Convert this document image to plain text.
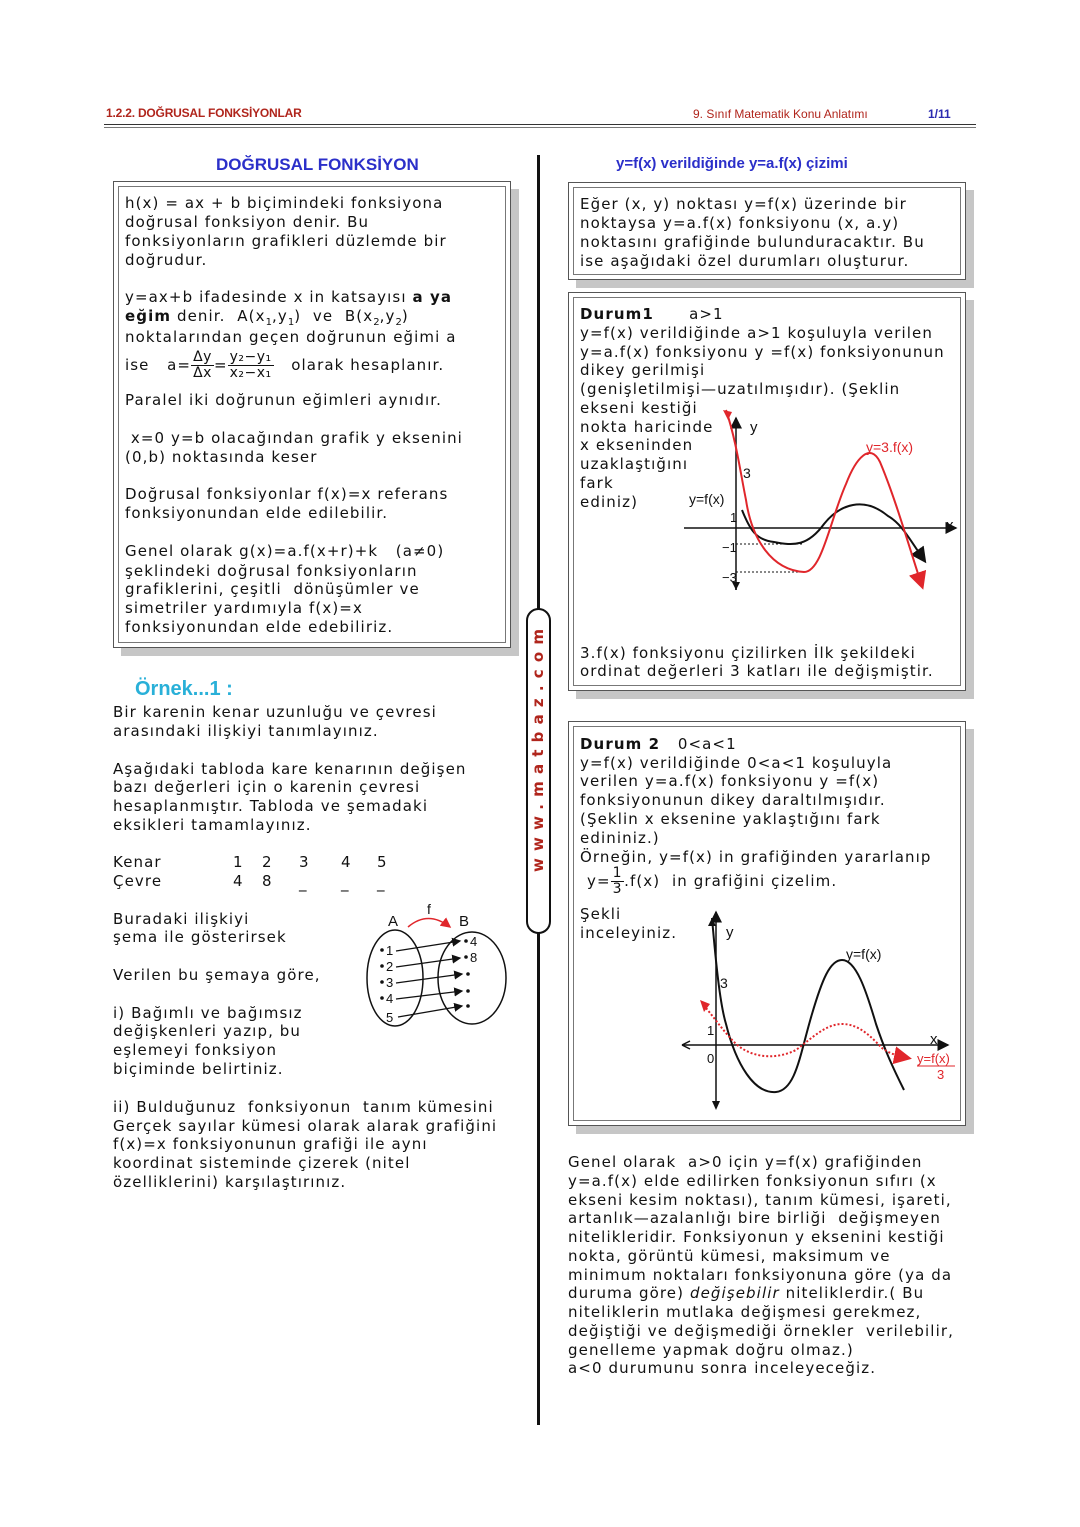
1.2.2. DOĞRUSAL FONKSİYONLAR	9. Sınıf Matematik Konu Anlatımı	1/11
DOĞRUSAL FONKSİYON
h(x) = ax + b biçimindeki fonksiyona
doğrusal fonksiyon denir. Bu
fonksiyonların grafikleri düzlemde bir
doğrudur.
y=ax+b ifadesinde x in katsayısı a ya
eğim denir.  $A(x_1,y_1)$  ve  $B(x_2,y_2)$
noktalarından geçen doğrunun eğimi a
ise   $a= \frac{\Delta y}{\Delta x} = \frac{\text{y₂−y₁}}{\text{x₂−x₁}}$ olarak hesaplanır.
Paralel iki doğrunun eğimleri aynıdır.
x=0 y=b olacağından grafik y eksenini
(0,b) noktasında keser
Doğrusal fonksiyonlar f(x)=x referans
fonksiyonundan elde edilebilir.
Genel olarak g(x)=a.f(x+r)+k   (a≠0)
şeklindeki doğrusal fonksiyonların
grafiklerini, çeşitli  dönüşümler ve
simetriler yardımıyla f(x)=x
fonksiyonundan elde edebiliriz.
Örnek...1 :
Bir karenin kenar uzunluğu ve çevresi
arasındaki ilişkiyi tanımlayınız.
Aşağıdaki tabloda kare kenarının değişen
bazı değerleri için o karenin çevresi
hesaplanmıştır. Tabloda ve şemadaki
eksikleri tamamlayınız.
Kenar	1 2 3 4 5
Çevre	4 8 _ _ _
Buradaki ilişkiyi
şema ile gösterirsek
Verilen bu şemaya göre,
i) Bağımlı ve bağımsız
değişkenleri yazıp, bu
eşlemeyi fonksiyon
biçiminde belirtiniz.
ii) Bulduğunuz  fonksiyonun  tanım kümesini
Gerçek sayılar kümesi olarak alarak grafiğini
f(x)=x fonksiyonunun grafiği ile aynı
koordinat sisteminde çizerek (nitel
özelliklerini) karşılaştırınız.
A	B
f
1
2
3
4
5
4
8
www.matbaz.com
y=f(x) verildiğinde y=a.f(x) çizimi
Eğer (x, y) noktası y=f(x) üzerinde bir
noktaysa y=a.f(x) fonksiyonu (x, a.y)
noktasını grafiğinde bulunduracaktır. Bu
ise aşağıdaki özel durumları oluşturur.
Durum1 a>1
y=f(x) verildiğinde a>1 koşuluyla verilen
y=a.f(x) fonksiyonu y =f(x) fonksiyonunun
dikey gerilmişi
(genişletilmişi—uzatılmışıdır). (Şeklin
ekseni kestiği
nokta haricinde
x ekseninden
uzaklaştığını
fark
ediniz)
y
x
3
1
−1
−3
y=f(x)
y=3.f(x)
3.f(x) fonksiyonu çizilirken İlk şekildeki
ordinat değerleri 3 katları ile değişmiştir.
Durum 2 0<a<1
y=f(x) verildiğinde 0<a<1 koşuluyla
verilen y=a.f(x) fonksiyonu y =f(x)
fonksiyonunun dikey daraltılmışıdır.
(Şeklin x eksenine yaklaştığını fark
edininiz.)
Örneğin, y=f(x) in grafiğinden yararlanıp
$y= \frac{1}{3} .f(x)$  in grafiğini çizelim.
Şekli
inceleyiniz.	y
x
3
1
0
y=f(x)
y=f(x)
3
Genel olarak  a>0 için y=f(x) grafiğinden
y=a.f(x) elde edilirken fonksiyonun sıfırı (x
ekseni kesim noktası), tanım kümesi, işareti,
artanlık—azalanlığı bire birliği  değişmeyen
nitelikleridir. Fonksiyonun y eksenini kestiği
nokta, görüntü kümesi, maksimum ve
minimum noktaları fonksiyonuna göre (ya da
duruma göre) değişebilir niteliklerdir.( Bu
niteliklerin mutlaka değişmesi gerekmez,
değiştiği ve değişmediği örnekler  verilebilir,
genelleme yapmak doğru olmaz.)
a<0 durumunu sonra inceleyeceğiz.
